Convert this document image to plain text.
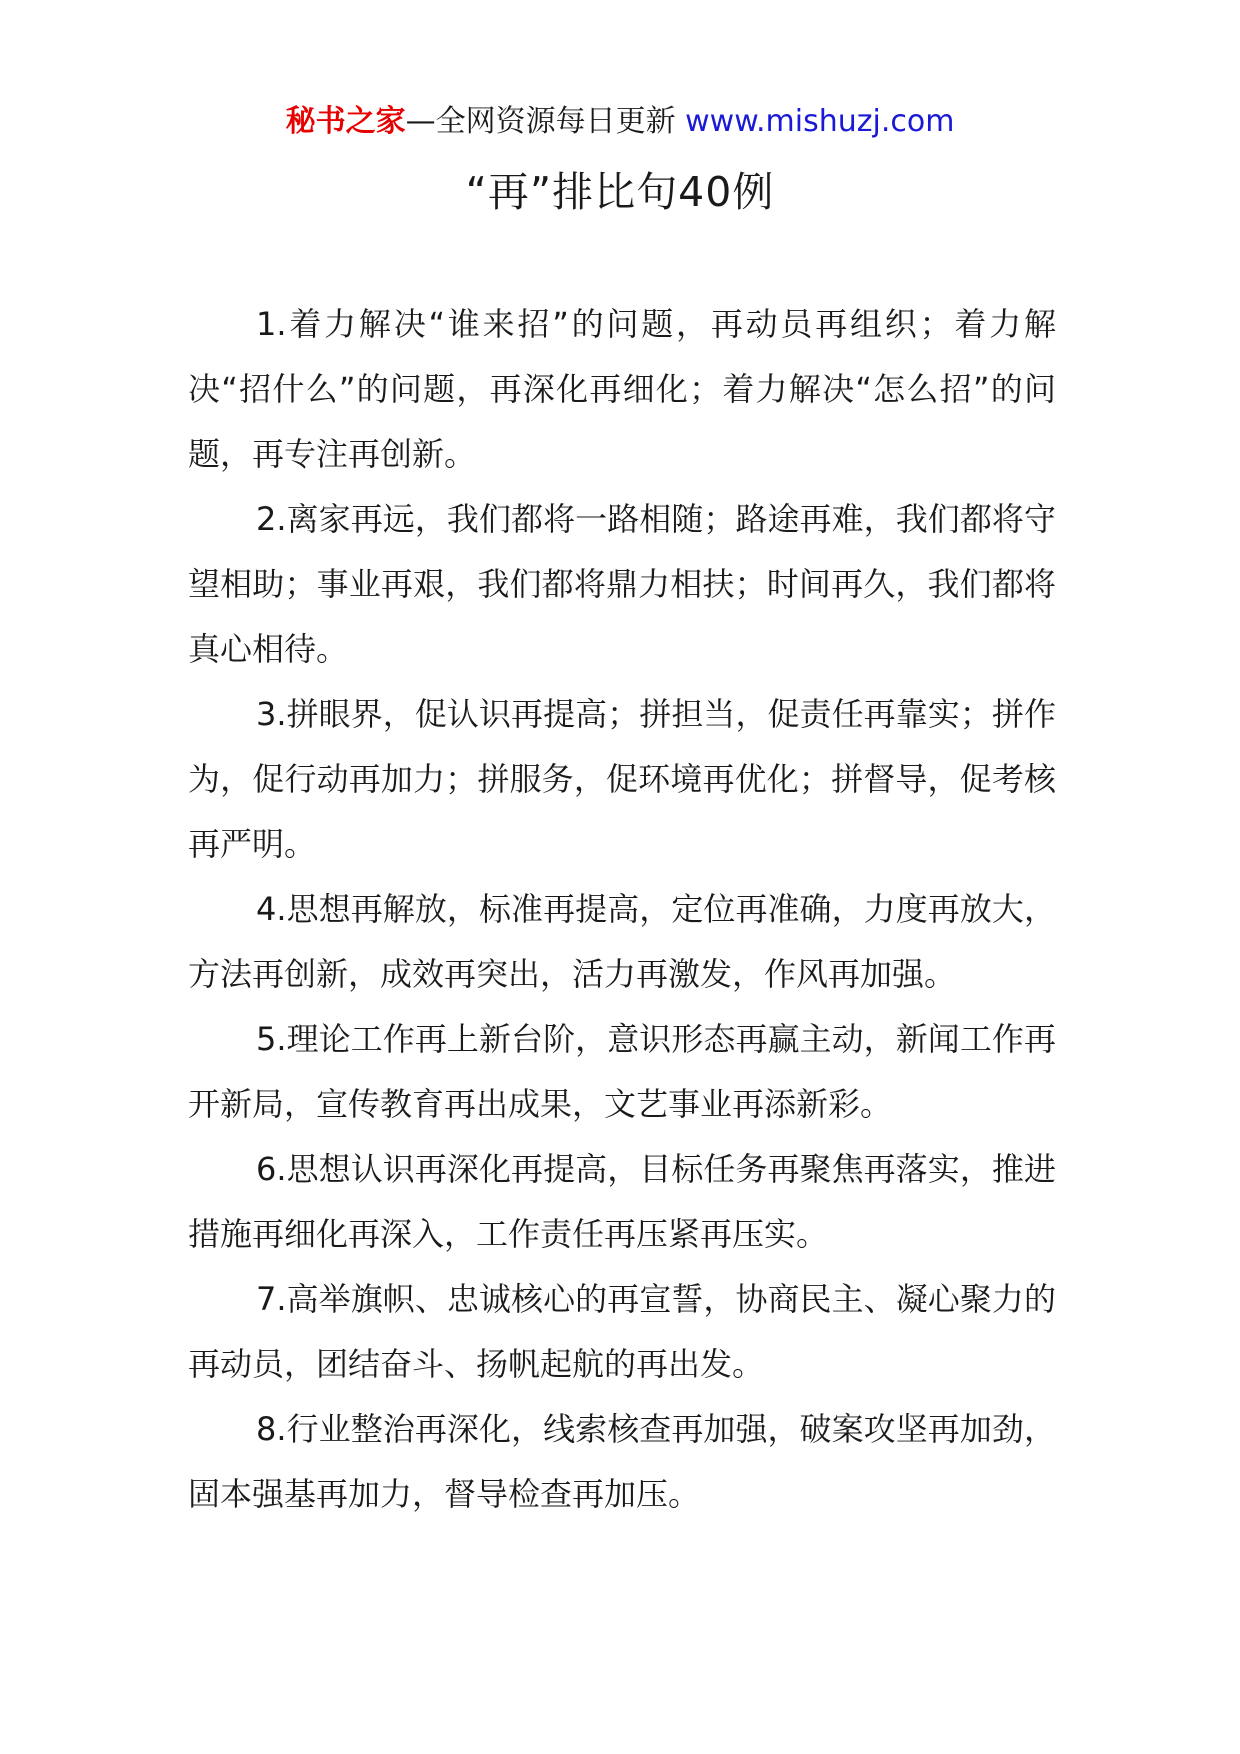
秘书之家—全网资源每日更新 www.mishuzj.com
“再”排比句40例

1.着力解决“谁来招”的问题，再动员再组织；着力解决“招什么”的问题，再深化再细化；着力解决“怎么招”的问题，再专注再创新。

2.离家再远，我们都将一路相随；路途再难，我们都将守望相助；事业再艰，我们都将鼎力相扶；时间再久，我们都将真心相待。

3.拼眼界，促认识再提高；拼担当，促责任再靠实；拼作为，促行动再加力；拼服务，促环境再优化；拼督导，促考核再严明。

4.思想再解放，标准再提高，定位再准确，力度再放大，方法再创新，成效再突出，活力再激发，作风再加强。

5.理论工作再上新台阶，意识形态再赢主动，新闻工作再开新局，宣传教育再出成果，文艺事业再添新彩。

6.思想认识再深化再提高，目标任务再聚焦再落实，推进措施再细化再深入，工作责任再压紧再压实。

7.高举旗帜、忠诚核心的再宣誓，协商民主、凝心聚力的再动员，团结奋斗、扬帆起航的再出发。

8.行业整治再深化，线索核查再加强，破案攻坚再加劲，固本强基再加力，督导检查再加压。
